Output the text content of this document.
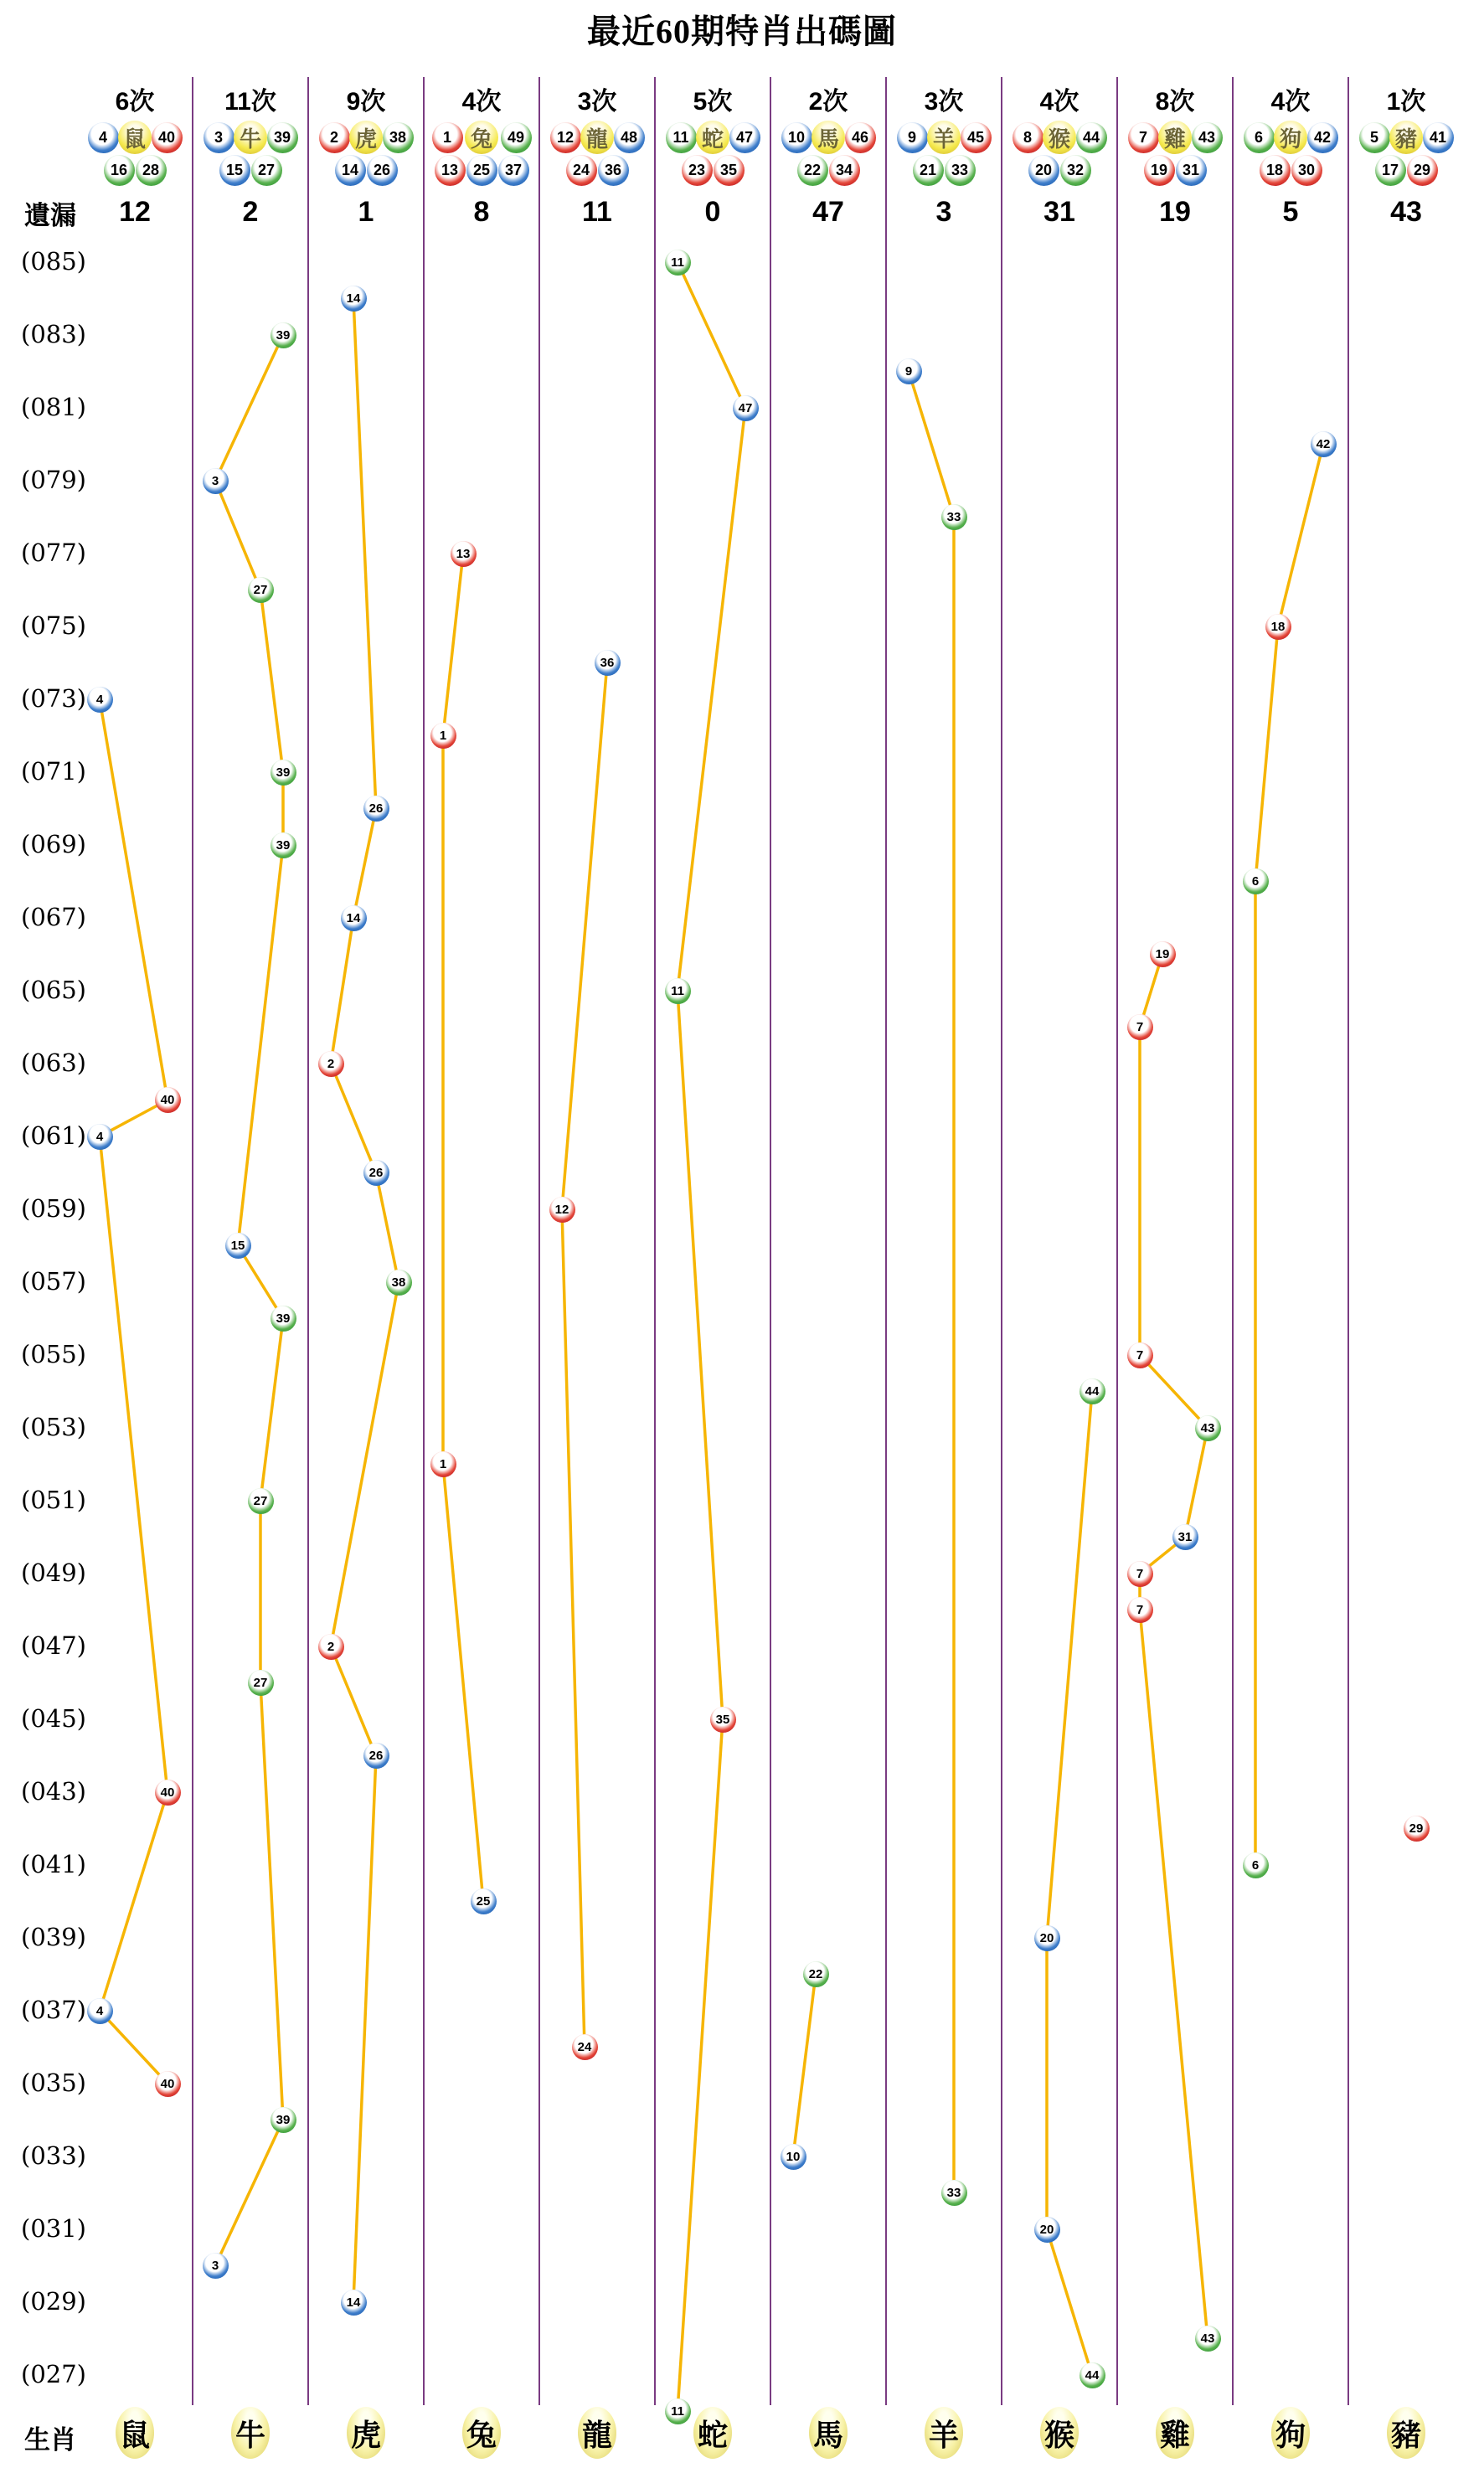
最近60期特肖出碼圖
遺漏
生肖
(085)
(083)
(081)
(079)
(077)
(075)
(073)
(071)
(069)
(067)
(065)
(063)
(061)
(059)
(057)
(055)
(053)
(051)
(049)
(047)
(045)
(043)
(041)
(039)
(037)
(035)
(033)
(031)
(029)
(027)
6次
4 鼠 40
16 28
12
鼠
11次
3 牛 39
15 27
2
牛
9次
2 虎 38
14 26
1
虎
4次
1 兔 49
13 25 37
8
兔
3次
12 龍 48
24 36
11
龍
5次
11 蛇 47
23 35
0
蛇
2次
10 馬 46
22 34
47
馬
3次
9 羊 45
21 33
3
羊
4次
8 猴 44
20 32
31
猴
8次
7 雞 43
19 31
19
雞
4次
6 狗 42
18 30
5
狗
1次
5 豬 41
17 29
43
豬
11
14
39
9
47
42
3
33
13
27
18
36
4
1
39
26
39
6
14
19
11
7
2
40
4
26
12
15
38
39
7
44
43
1
27
31
7
7
2
27
35
26
40
29
6
25
20
22
4
24
40
39
10
33
20
3
14
43
44
11
